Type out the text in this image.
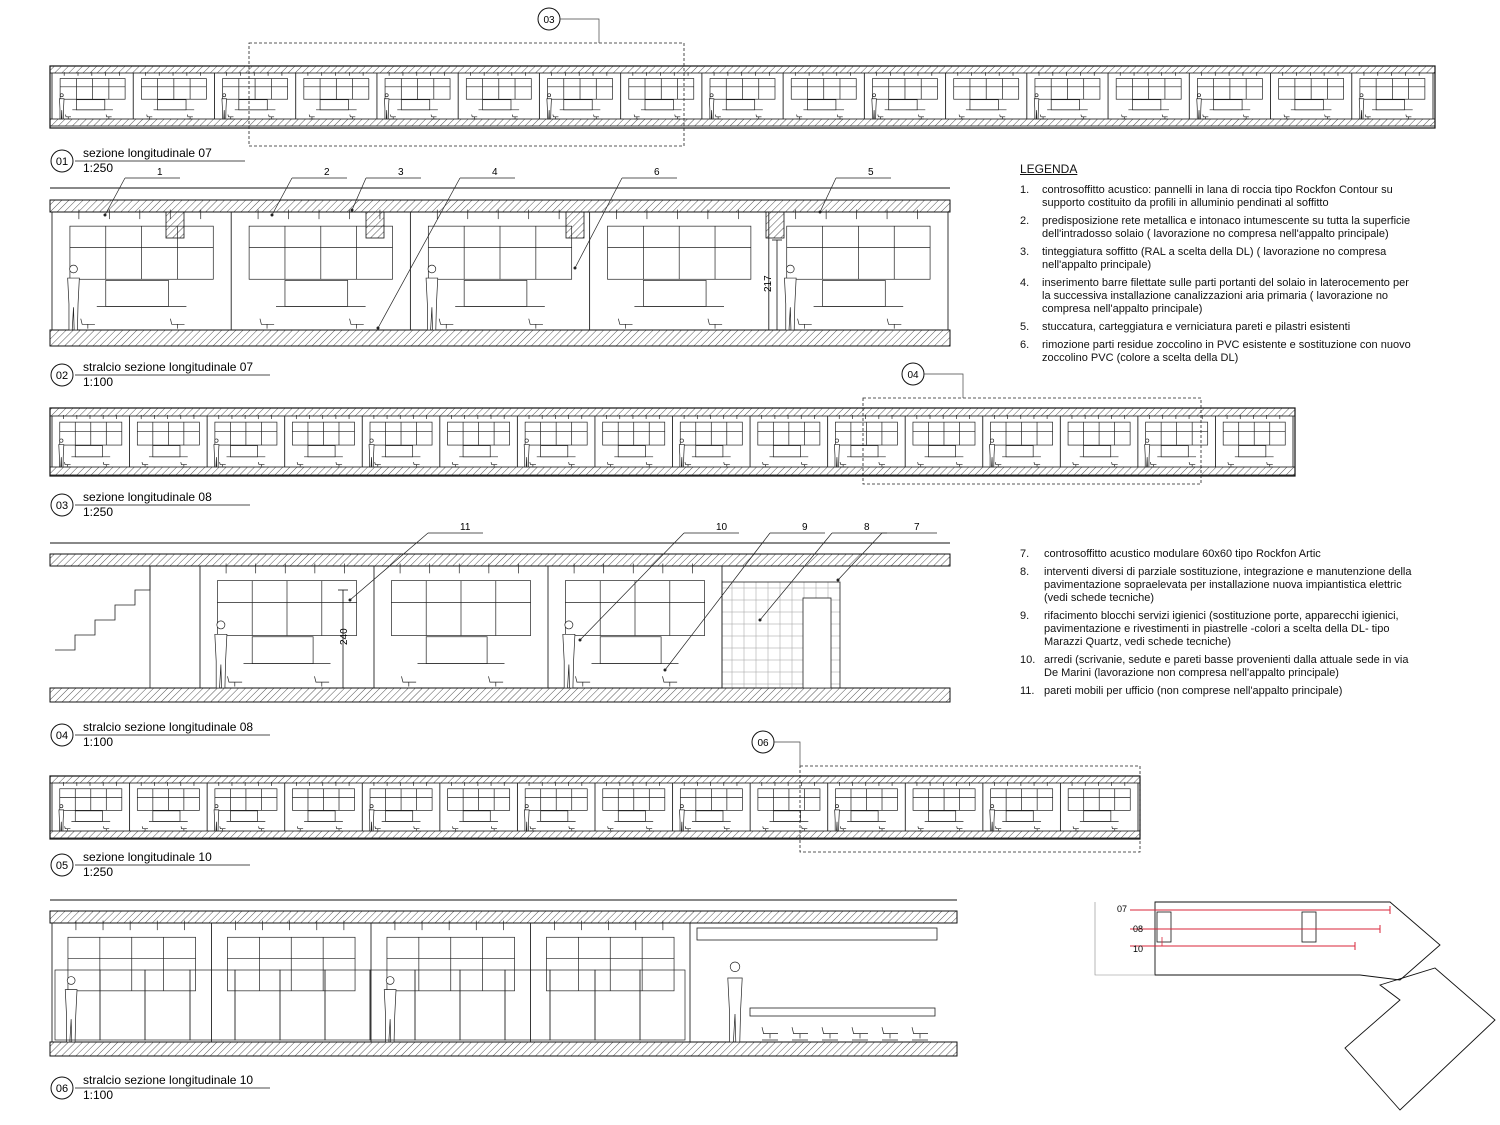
03
01
sezione longitudinale 07
1:250
217
1	2	3	4	6	5
02
stralcio sezione longitudinale 07
1:100	04
03
sezione longitudinale 08
1:250
240
11	10	9	8	7
04
stralcio sezione longitudinale 08
1:100	06
05
sezione longitudinale 10
1:250
06
stralcio sezione longitudinale 10
1:100
07
08
10
LEGENDA
1.	controsoffitto acustico: pannelli in lana di roccia tipo Rockfon Contour su supporto costituito da profili in alluminio pendinati al soffitto
2.	predisposizione rete metallica e intonaco intumescente su tutta la superficie dell'intradosso solaio ( lavorazione no compresa nell'appalto principale)
3.	tinteggiatura soffitto (RAL a scelta della DL) ( lavorazione no compresa nell'appalto principale)
4.	inserimento barre filettate sulle parti portanti del solaio in laterocemento per la successiva installazione canalizzazioni aria primaria ( lavorazione no compresa nell'appalto principale)
5.	stuccatura, carteggiatura e verniciatura pareti e pilastri esistenti
6.	rimozione parti residue zoccolino in PVC esistente e sostituzione con nuovo zoccolino PVC (colore a scelta della DL)
7.	controsoffitto acustico modulare 60x60 tipo Rockfon Artic
8.	interventi diversi di parziale sostituzione, integrazione e manutenzione della pavimentazione sopraelevata per installazione nuova impiantistica elettric (vedi schede tecniche)
9.	rifacimento blocchi servizi igienici (sostituzione porte, apparecchi igienici, pavimentazione e rivestimenti in piastrelle -colori a scelta della DL- tipo Marazzi Quartz, vedi schede tecniche)
10. arredi (scrivanie, sedute e pareti basse provenienti dalla attuale sede in via De Marini (lavorazione non compresa nell'appalto principale)
11. pareti mobili per ufficio (non comprese nell'appalto principale)
